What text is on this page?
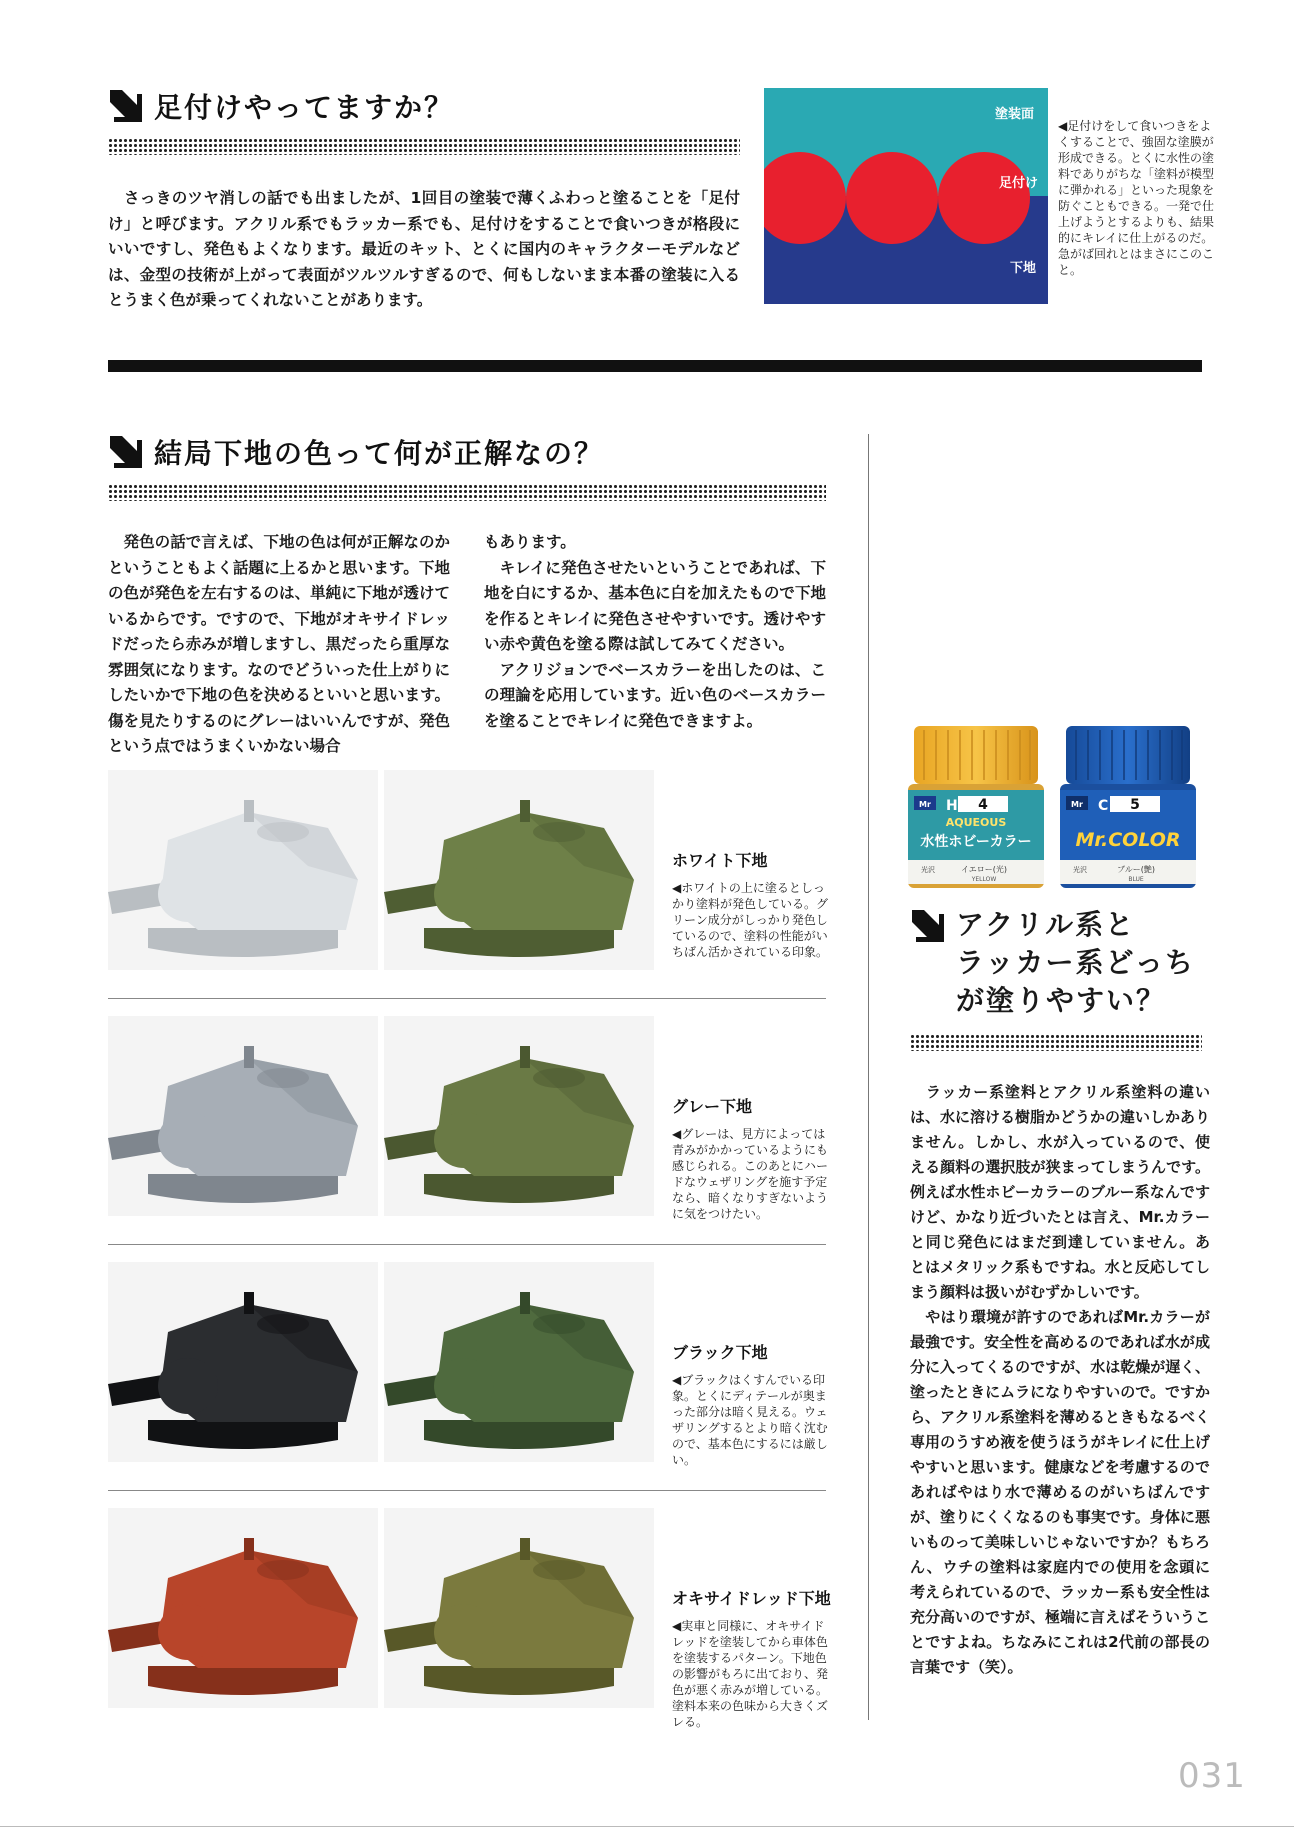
足付けやってますか？
　さっきのツヤ消しの話でも出ましたが、1回目の塗装で薄くふわっと塗ることを「足付け」と呼びます。アクリル系でもラッカー系でも、足付けをすることで食いつきが格段にいいですし、発色もよくなります。最近のキット、とくに国内のキャラクターモデルなどは、金型の技術が上がって表面がツルツルすぎるので、何もしないまま本番の塗装に入るとうまく色が乗ってくれないことがあります。
塗装面
足付け
下地
◀足付けをして食いつきをよくすることで、強固な塗膜が形成できる。とくに水性の塗料でありがちな「塗料が模型に弾かれる」といった現象を防ぐこともできる。一発で仕上げようとするよりも、結果的にキレイに仕上がるのだ。急がば回れとはまさにこのこと。
結局下地の色って何が正解なの？
　発色の話で言えば、下地の色は何が正解なのかということもよく話題に上るかと思います。下地の色が発色を左右するのは、単純に下地が透けているからです。ですので、下地がオキサイドレッドだったら赤みが増しますし、黒だったら重厚な雰囲気になります。なのでどういった仕上がりにしたいかで下地の色を決めるといいと思います。傷を見たりするのにグレーはいいんですが、発色という点ではうまくいかない場合
もあります。
　キレイに発色させたいということであれば、下地を白にするか、基本色に白を加えたもので下地を作るとキレイに発色させやすいです。透けやすい赤や黄色を塗る際は試してみてください。
　アクリジョンでベースカラーを出したのは、この理論を応用しています。近い色のベースカラーを塗ることでキレイに発色できますよ。
ホワイト下地
◀ホワイトの上に塗るとしっかり塗料が発色している。グリーン成分がしっかり発色しているので、塗料の性能がいちばん活かされている印象。
グレー下地
◀グレーは、見方によっては青みがかかっているようにも感じられる。このあとにハードなウェザリングを施す予定なら、暗くなりすぎないように気をつけたい。
ブラック下地
◀ブラックはくすんでいる印象。とくにディテールが奥まった部分は暗く見える。ウェザリングするとより暗く沈むので、基本色にするには厳しい。
オキサイドレッド下地
◀実車と同様に、オキサイドレッドを塗装してから車体色を塗装するパターン。下地色の影響がもろに出ており、発色が悪く赤みが増している。塗料本来の色味から大きくズレる。
Mr H 4
AQUEOUS
水性ホビーカラー
光沢	イエロー(光)
YELLOW
Mr C 5
Mr.COLOR
光沢	ブルー(艶)
BLUE
アクリル系と
ラッカー系どっち
が塗りやすい？
　ラッカー系塗料とアクリル系塗料の違いは、水に溶ける樹脂かどうかの違いしかありません。しかし、水が入っているので、使える顔料の選択肢が狭まってしまうんです。例えば水性ホビーカラーのブルー系なんですけど、かなり近づいたとは言え、Mr.カラーと同じ発色にはまだ到達していません。あとはメタリック系もですね。水と反応してしまう顔料は扱いがむずかしいです。
　やはり環境が許すのであればMr.カラーが最強です。安全性を高めるのであれば水が成分に入ってくるのですが、水は乾燥が遅く、塗ったときにムラになりやすいので。ですから、アクリル系塗料を薄めるときもなるべく専用のうすめ液を使うほうがキレイに仕上げやすいと思います。健康などを考慮するのであればやはり水で薄めるのがいちばんですが、塗りにくくなるのも事実です。身体に悪いものって美味しいじゃないですか？もちろん、ウチの塗料は家庭内での使用を念頭に考えられているので、ラッカー系も安全性は充分高いのですが、極端に言えばそういうことですよね。ちなみにこれは2代前の部長の言葉です（笑）。
031
